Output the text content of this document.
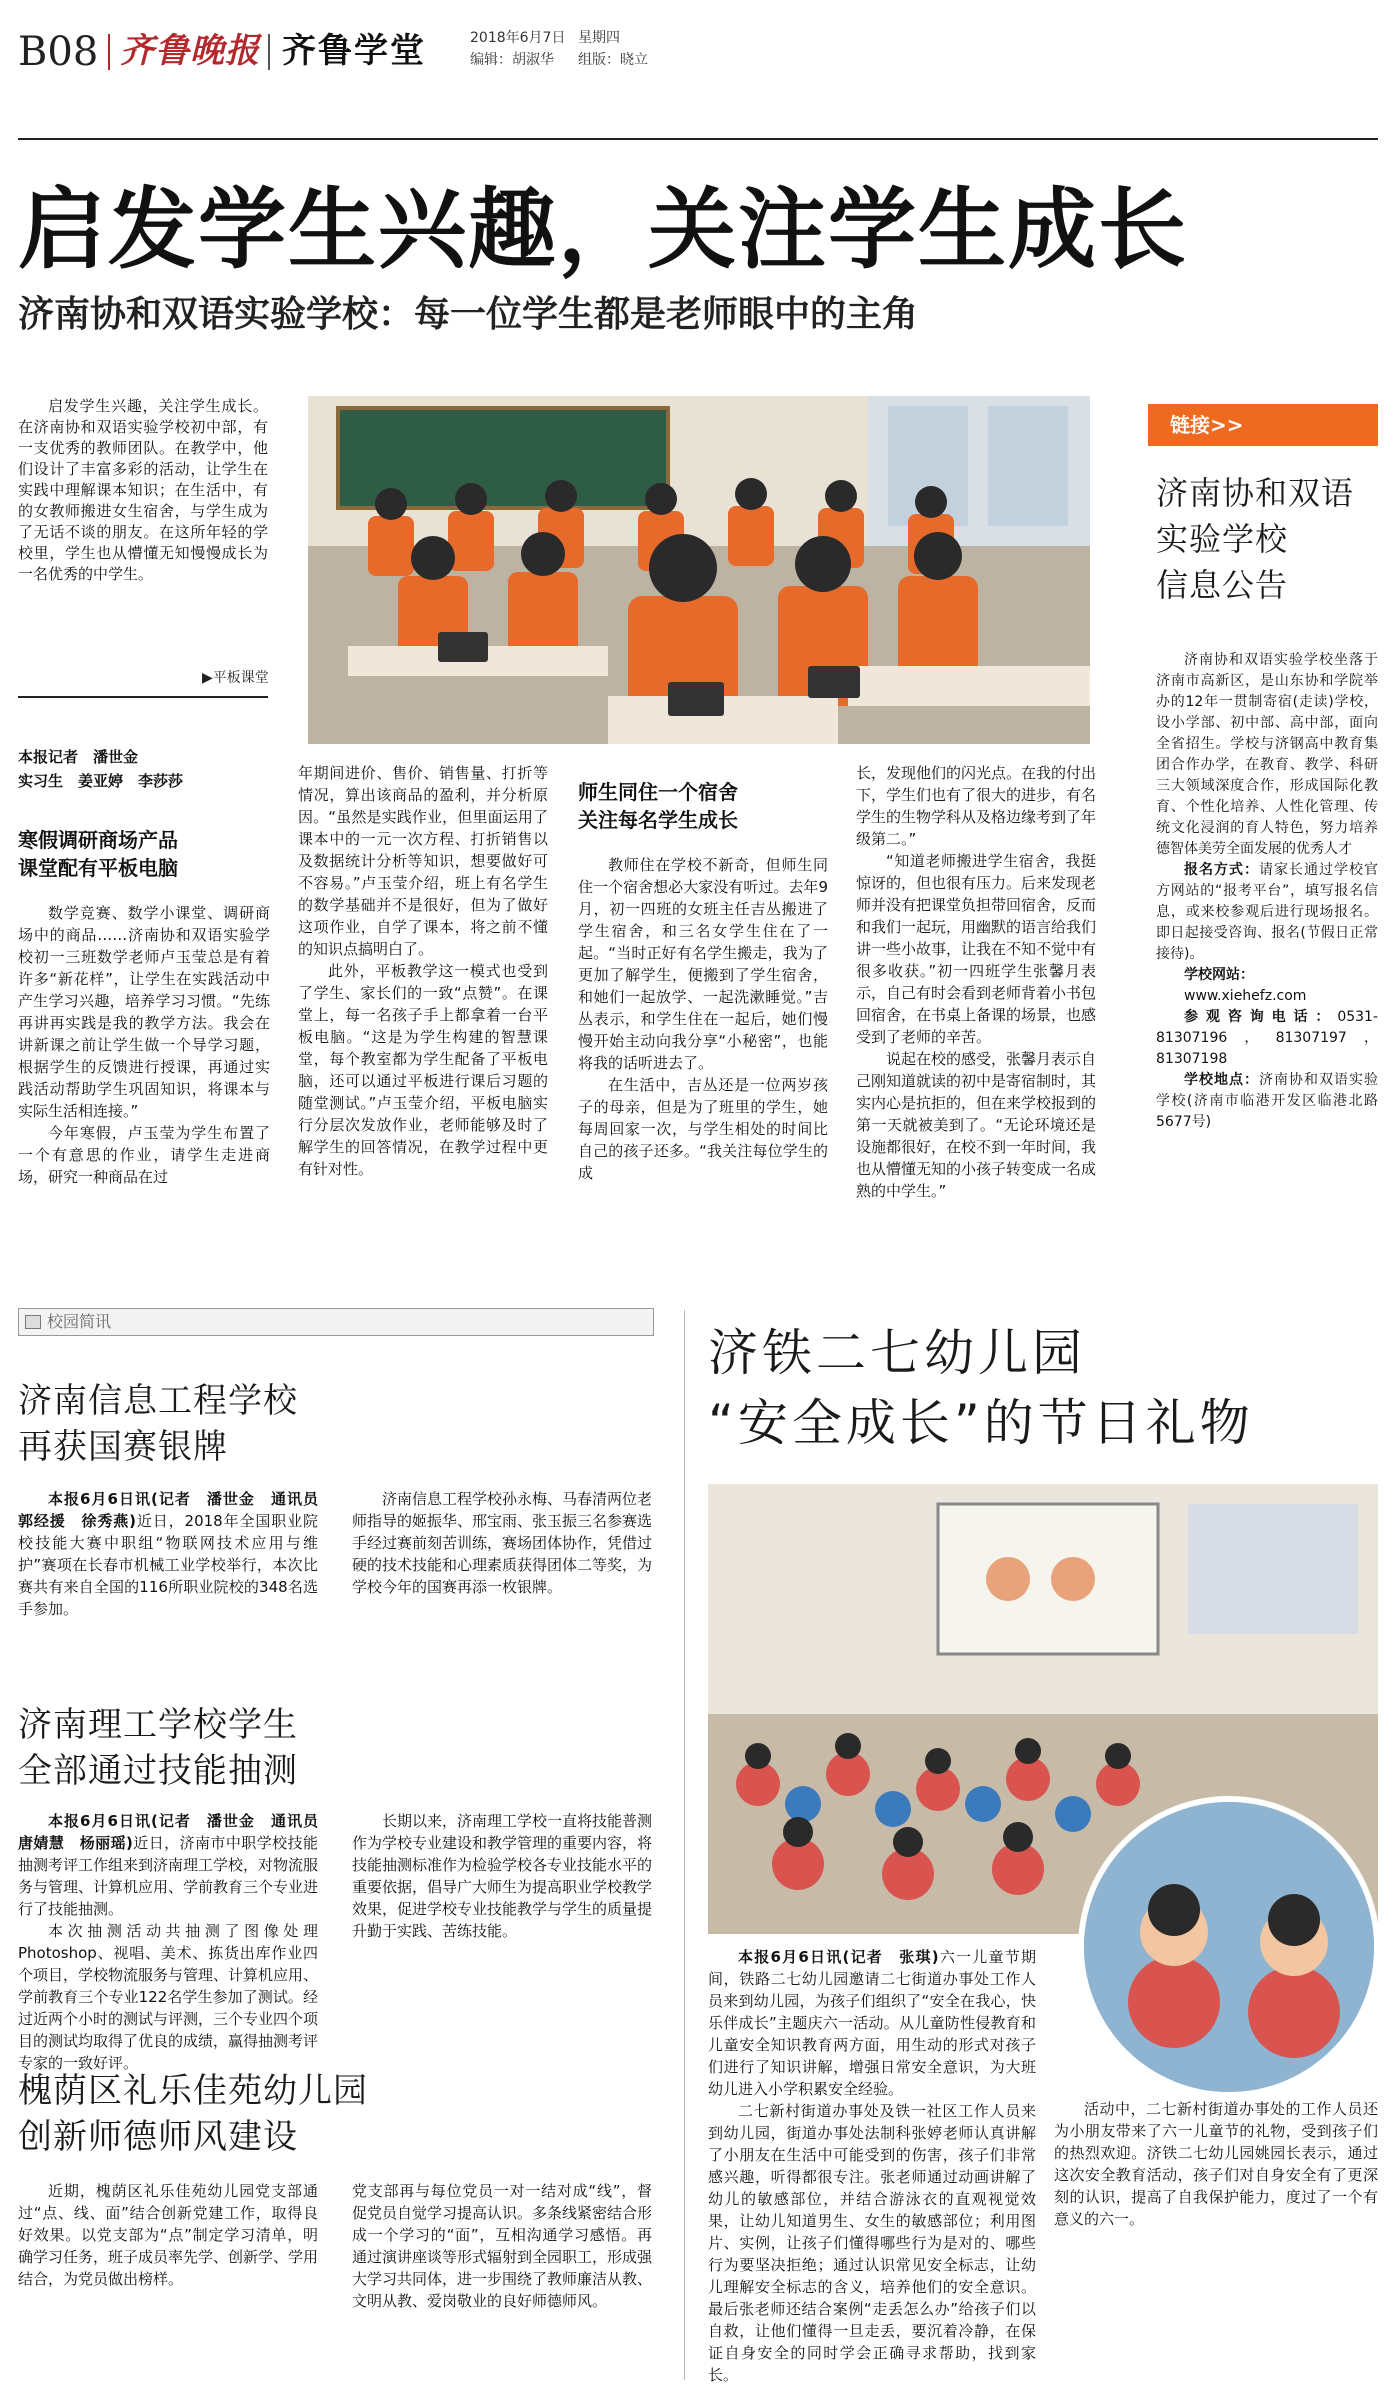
B08 齐鲁晚报 齐鲁学堂	2018年6月7日 星期四
编辑：胡淑华 组版：晓立
启发学生兴趣，关注学生成长
济南协和双语实验学校：每一位学生都是老师眼中的主角

启发学生兴趣，关注学生成长。在济南协和双语实验学校初中部，有一支优秀的教师团队。在教学中，他们设计了丰富多彩的活动，让学生在实践中理解课本知识；在生活中，有的女教师搬进女生宿舍，与学生成为了无话不谈的朋友。在这所年轻的学校里，学生也从懵懂无知慢慢成长为一名优秀的中学生。

▶平板课堂
本报记者　潘世金
实习生　姜亚婷　李莎莎
寒假调研商场产品
课堂配有平板电脑

数学竞赛、数学小课堂、调研商场中的商品……济南协和双语实验学校初一三班数学老师卢玉莹总是有着许多“新花样”，让学生在实践活动中产生学习兴趣，培养学习习惯。“先练再讲再实践是我的教学方法。我会在讲新课之前让学生做一个导学习题，根据学生的反馈进行授课，再通过实践活动帮助学生巩固知识，将课本与实际生活相连接。”

今年寒假，卢玉莹为学生布置了一个有意思的作业，请学生走进商场，研究一种商品在过

年期间进价、售价、销售量、打折等情况，算出该商品的盈利，并分析原因。“虽然是实践作业，但里面运用了课本中的一元一次方程、打折销售以及数据统计分析等知识，想要做好可不容易。”卢玉莹介绍，班上有名学生的数学基础并不是很好，但为了做好这项作业，自学了课本，将之前不懂的知识点搞明白了。

此外，平板教学这一模式也受到了学生、家长们的一致“点赞”。在课堂上，每一名孩子手上都拿着一台平板电脑。“这是为学生构建的智慧课堂，每个教室都为学生配备了平板电脑，还可以通过平板进行课后习题的随堂测试。”卢玉莹介绍，平板电脑实行分层次发放作业，老师能够及时了解学生的回答情况，在教学过程中更有针对性。

师生同住一个宿舍
关注每名学生成长

教师住在学校不新奇，但师生同住一个宿舍想必大家没有听过。去年9月，初一四班的女班主任吉丛搬进了学生宿舍，和三名女学生住在了一起。“当时正好有名学生搬走，我为了更加了解学生，便搬到了学生宿舍，和她们一起放学、一起洗漱睡觉。”吉丛表示，和学生住在一起后，她们慢慢开始主动向我分享“小秘密”，也能将我的话听进去了。

在生活中，吉丛还是一位两岁孩子的母亲，但是为了班里的学生，她每周回家一次，与学生相处的时间比自己的孩子还多。“我关注每位学生的成

长，发现他们的闪光点。在我的付出下，学生们也有了很大的进步，有名学生的生物学科从及格边缘考到了年级第二。”

“知道老师搬进学生宿舍，我挺惊讶的，但也很有压力。后来发现老师并没有把课堂负担带回宿舍，反而和我们一起玩，用幽默的语言给我们讲一些小故事，让我在不知不觉中有很多收获。”初一四班学生张馨月表示，自己有时会看到老师背着小书包回宿舍，在书桌上备课的场景，也感受到了老师的辛苦。

说起在校的感受，张馨月表示自己刚知道就读的初中是寄宿制时，其实内心是抗拒的，但在来学校报到的第一天就被美到了。“无论环境还是设施都很好，在校不到一年时间，我也从懵懂无知的小孩子转变成一名成熟的中学生。”

链接>>
济南协和双语
实验学校
信息公告

济南协和双语实验学校坐落于济南市高新区，是山东协和学院举办的12年一贯制寄宿(走读)学校，设小学部、初中部、高中部，面向全省招生。学校与济钢高中教育集团合作办学，在教育、教学、科研三大领域深度合作，形成国际化教育、个性化培养、人性化管理、传统文化浸润的育人特色，努力培养德智体美劳全面发展的优秀人才

报名方式：请家长通过学校官方网站的“报考平台”，填写报名信息，或来校参观后进行现场报名。即日起接受咨询、报名(节假日正常接待)。

学校网站：

www.xiehefz.com

参观咨询电话：0531-81307196，81307197，81307198

学校地点：济南协和双语实验学校(济南市临港开发区临港北路5677号)

校园简讯
济南信息工程学校
再获国赛银牌

本报6月6日讯(记者　潘世金　通讯员　郭经援　徐秀燕)近日，2018年全国职业院校技能大赛中职组“物联网技术应用与维护”赛项在长春市机械工业学校举行，本次比赛共有来自全国的116所职业院校的348名选手参加。

济南信息工程学校孙永梅、马春清两位老师指导的姬振华、邢宝雨、张玉振三名参赛选手经过赛前刻苦训练，赛场团体协作，凭借过硬的技术技能和心理素质获得团体二等奖，为学校今年的国赛再添一枚银牌。

济南理工学校学生
全部通过技能抽测

本报6月6日讯(记者　潘世金　通讯员　唐婧慧　杨丽瑶)近日，济南市中职学校技能抽测考评工作组来到济南理工学校，对物流服务与管理、计算机应用、学前教育三个专业进行了技能抽测。

本次抽测活动共抽测了图像处理Photoshop、视唱、美术、拣货出库作业四个项目，学校物流服务与管理、计算机应用、学前教育三个专业122名学生参加了测试。经过近两个小时的测试与评测，三个专业四个项目的测试均取得了优良的成绩，赢得抽测考评专家的一致好评。

长期以来，济南理工学校一直将技能普测作为学校专业建设和教学管理的重要内容，将技能抽测标准作为检验学校各专业技能水平的重要依据，倡导广大师生为提高职业学校教学效果，促进学校专业技能教学与学生的质量提升勤于实践、苦练技能。

槐荫区礼乐佳苑幼儿园
创新师德师风建设

近期，槐荫区礼乐佳苑幼儿园党支部通过“点、线、面”结合创新党建工作，取得良好效果。以党支部为“点”制定学习清单，明确学习任务，班子成员率先学、创新学、学用结合，为党员做出榜样。

党支部再与每位党员一对一结对成“线”，督促党员自觉学习提高认识。多条线紧密结合形成一个学习的“面”，互相沟通学习感悟。再通过演讲座谈等形式辐射到全园职工，形成强大学习共同体，进一步围绕了教师廉洁从教、文明从教、爱岗敬业的良好师德师风。

济铁二七幼儿园
“安全成长”的节日礼物

本报6月6日讯(记者　张琪)六一儿童节期间，铁路二七幼儿园邀请二七街道办事处工作人员来到幼儿园，为孩子们组织了“安全在我心，快乐伴成长”主题庆六一活动。从儿童防性侵教育和儿童安全知识教育两方面，用生动的形式对孩子们进行了知识讲解，增强日常安全意识，为大班幼儿进入小学积累安全经验。

二七新村街道办事处及铁一社区工作人员来到幼儿园，街道办事处法制科张婷老师认真讲解了小朋友在生活中可能受到的伤害，孩子们非常感兴趣，听得都很专注。张老师通过动画讲解了幼儿的敏感部位，并结合游泳衣的直观视觉效果，让幼儿知道男生、女生的敏感部位；利用图片、实例，让孩子们懂得哪些行为是对的、哪些行为要坚决拒绝；通过认识常见安全标志，让幼儿理解安全标志的含义，培养他们的安全意识。最后张老师还结合案例“走丢怎么办”给孩子们以自救，让他们懂得一旦走丢，要沉着冷静，在保证自身安全的同时学会正确寻求帮助，找到家长。

活动中，二七新村街道办事处的工作人员还为小朋友带来了六一儿童节的礼物，受到孩子们的热烈欢迎。济铁二七幼儿园姚园长表示，通过这次安全教育活动，孩子们对自身安全有了更深刻的认识，提高了自我保护能力，度过了一个有意义的六一。
